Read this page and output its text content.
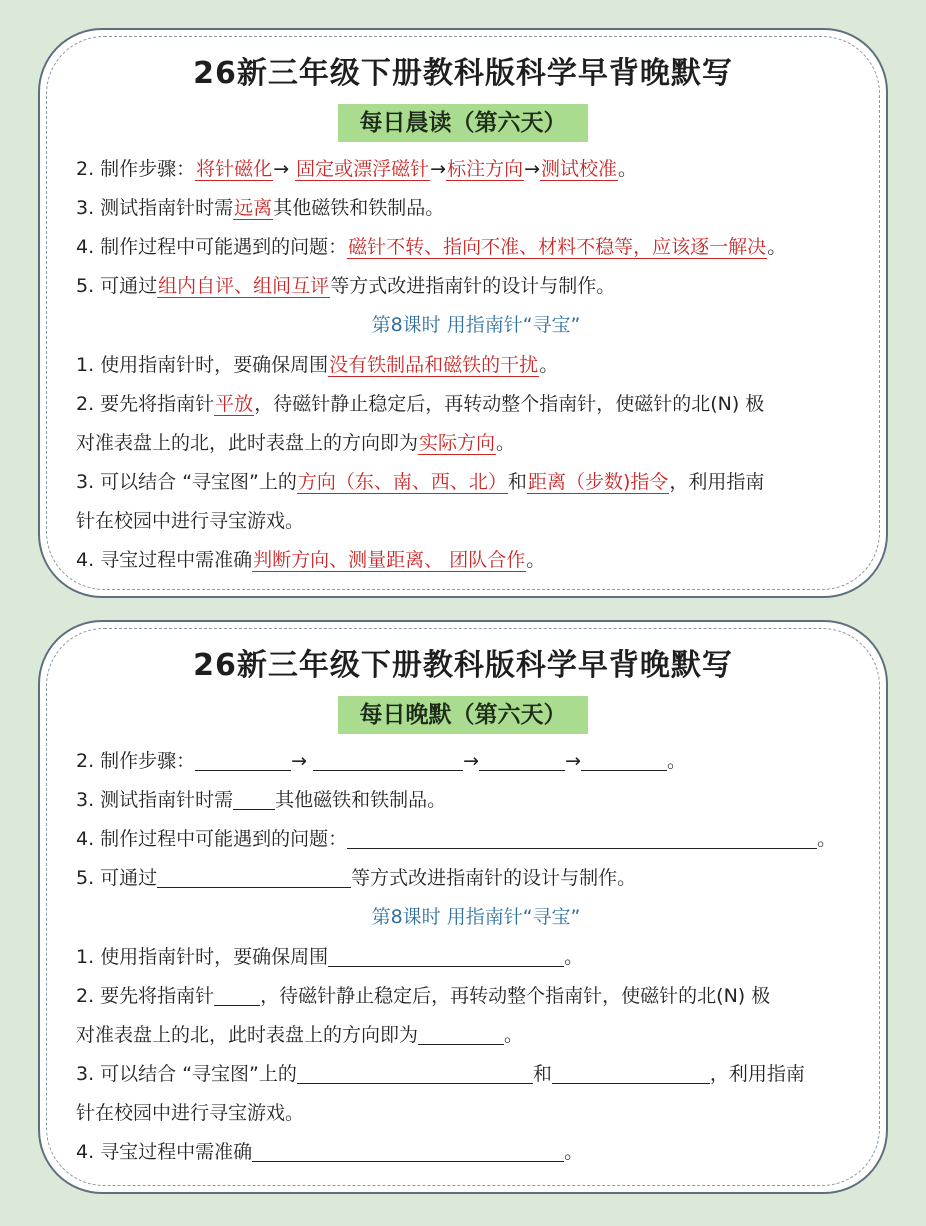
26新三年级下册教科版科学早背晚默写
每日晨读（第六天）
2. 制作步骤：将针磁化→ 固定或漂浮磁针→标注方向→测试校准。
3. 测试指南针时需远离其他磁铁和铁制品。
4. 制作过程中可能遇到的问题：磁针不转、指向不准、材料不稳等，应该逐一解决。
5. 可通过组内自评、组间互评等方式改进指南针的设计与制作。
第8课时 用指南针“寻宝”
1. 使用指南针时，要确保周围没有铁制品和磁铁的干扰。
2. 要先将指南针平放，待磁针静止稳定后，再转动整个指南针，使磁针的北(N) 极
对准表盘上的北，此时表盘上的方向即为实际方向。
3. 可以结合 “寻宝图”上的方向（东、南、西、北）和距离（步数)指令，利用指南
针在校园中进行寻宝游戏。
4. 寻宝过程中需准确判断方向、测量距离、 团队合作。
26新三年级下册教科版科学早背晚默写
每日晚默（第六天）
2. 制作步骤：	→	→	→	。
3. 测试指南针时需 其他磁铁和铁制品。
4. 制作过程中可能遇到的问题：	。
5. 可通过	等方式改进指南针的设计与制作。
第8课时 用指南针“寻宝”
1. 使用指南针时，要确保周围	。
2. 要先将指南针 ，待磁针静止稳定后，再转动整个指南针，使磁针的北(N) 极
对准表盘上的北，此时表盘上的方向即为	。
3. 可以结合 “寻宝图”上的	和	，利用指南
针在校园中进行寻宝游戏。
4. 寻宝过程中需准确	。
